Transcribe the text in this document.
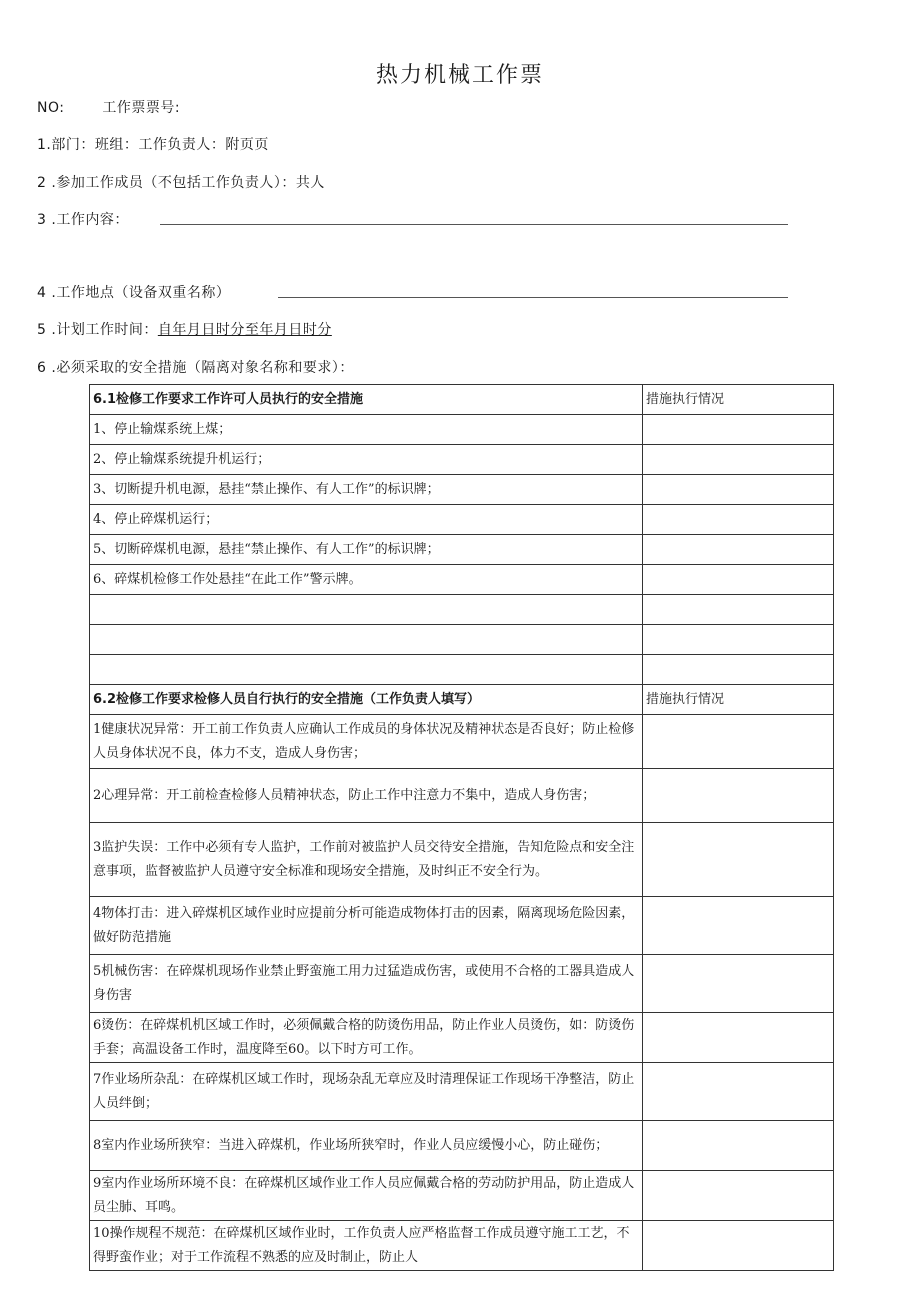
热力机械工作票
NO:	工作票票号:
1.部门：班组：工作负责人：附页页
2 .参加工作成员（不包括工作负责人）：共人
3 .工作内容：
4 .工作地点（设备双重名称）
5 .计划工作时间：自年月日时分至年月日时分
6 .必须采取的安全措施（隔离对象名称和要求）：
6.1检修工作要求工作许可人员执行的安全措施	措施执行情况
1、停止输煤系统上煤；	
2、停止输煤系统提升机运行；	
3、切断提升机电源，悬挂“禁止操作、有人工作”的标识牌；	
4、停止碎煤机运行；	
5、切断碎煤机电源，悬挂“禁止操作、有人工作”的标识牌；	
6、碎煤机检修工作处悬挂“在此工作”警示牌。	

6.2检修工作要求检修人员自行执行的安全措施（工作负责人填写）	措施执行情况
1健康状况异常：开工前工作负责人应确认工作成员的身体状况及精神状态是否良好；防止检修人员身体状况不良，体力不支，造成人身伤害；	
2心理异常：开工前检查检修人员精神状态，防止工作中注意力不集中，造成人身伤害；	
3监护失误：工作中必须有专人监护，工作前对被监护人员交待安全措施，告知危险点和安全注意事项，监督被监护人员遵守安全标准和现场安全措施，及时纠正不安全行为。	
4物体打击：进入碎煤机区域作业时应提前分析可能造成物体打击的因素，隔离现场危险因素，做好防范措施	
5机械伤害：在碎煤机现场作业禁止野蛮施工用力过猛造成伤害，或使用不合格的工器具造成人身伤害	
6烫伤：在碎煤机机区域工作时，必须佩戴合格的防烫伤用品，防止作业人员烫伤，如：防烫伤手套；高温设备工作时，温度降至60。以下时方可工作。	
7作业场所杂乱：在碎煤机区域工作时，现场杂乱无章应及时清理保证工作现场干净整洁，防止人员绊倒；	
8室内作业场所狭窄：当进入碎煤机，作业场所狭窄时，作业人员应缓慢小心，防止碰伤；	
9室内作业场所环境不良：在碎煤机区域作业工作人员应佩戴合格的劳动防护用品，防止造成人员尘肺、耳鸣。	
10操作规程不规范：在碎煤机区域作业时，工作负责人应严格监督工作成员遵守施工工艺，不得野蛮作业；对于工作流程不熟悉的应及时制止，防止人	
